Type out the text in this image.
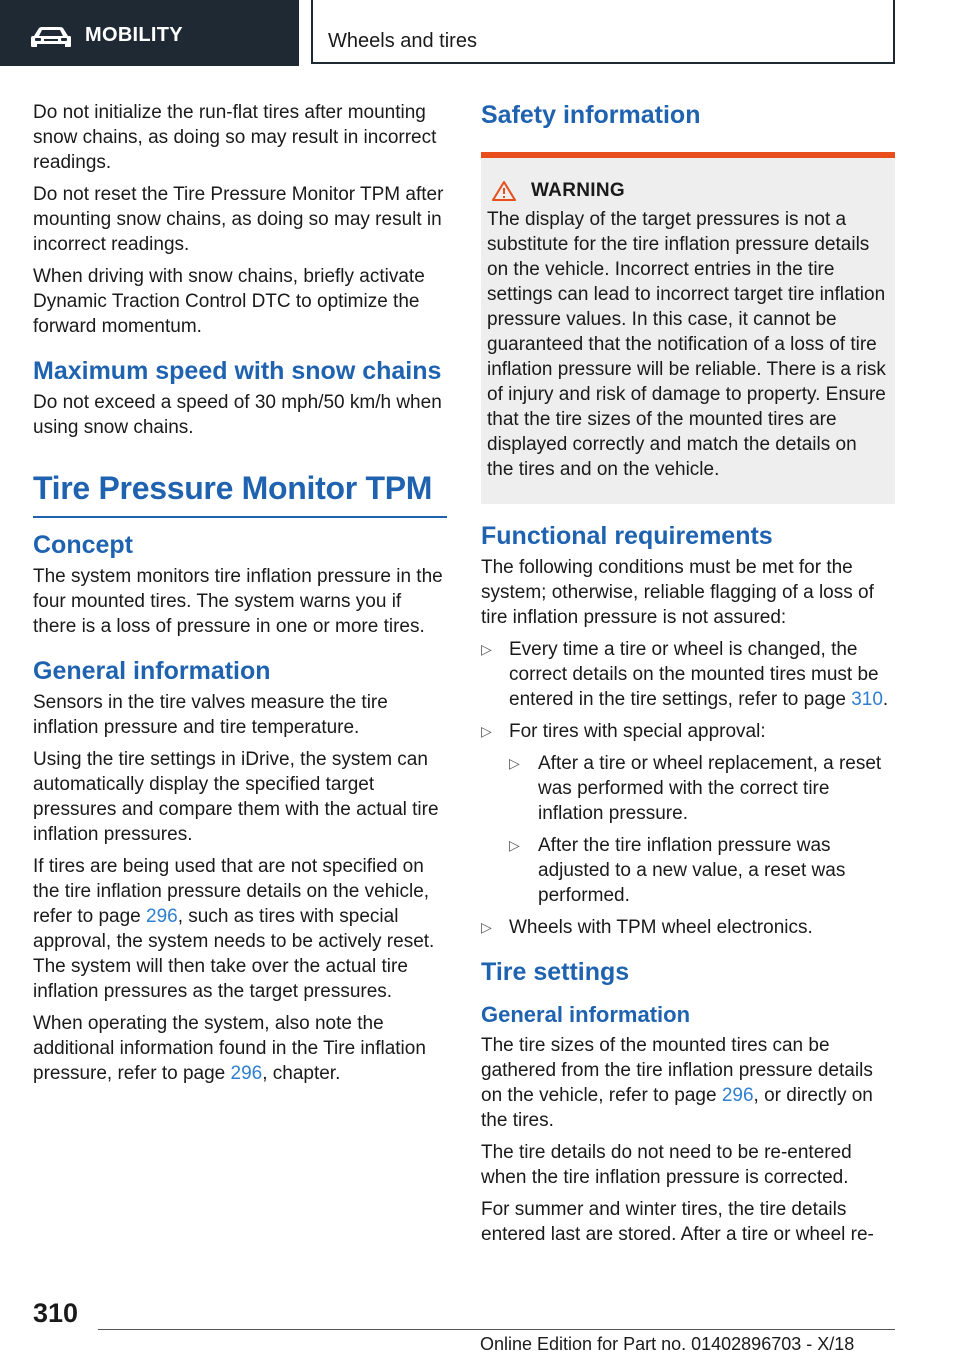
MOBILITY	Wheels and tires

Do not initialize the run-flat tires after mounting snow chains, as doing so may result in incorrect readings.

Do not reset the Tire Pressure Monitor TPM after mounting snow chains, as doing so may result in incorrect readings.

When driving with snow chains, briefly activate Dynamic Traction Control DTC to optimize the forward momentum.

Maximum speed with snow chains

Do not exceed a speed of 30 mph/50 km/h when using snow chains.

Tire Pressure Monitor TPM
Concept

The system monitors tire inflation pressure in the four mounted tires. The system warns you if there is a loss of pressure in one or more tires.

General information

Sensors in the tire valves measure the tire inflation pressure and tire temperature.

Using the tire settings in iDrive, the system can automatically display the specified target pressures and compare them with the actual tire inflation pressures.

If tires are being used that are not specified on the tire inflation pressure details on the vehicle, refer to page 296, such as tires with special approval, the system needs to be actively reset. The system will then take over the actual tire inflation pressures as the target pressures.

When operating the system, also note the additional information found in the Tire inflation pressure, refer to page 296, chapter.

Safety information
WARNING
The display of the target pressures is not a substitute for the tire inflation pressure details on the vehicle. Incorrect entries in the tire settings can lead to incorrect target tire inflation pressure values. In this case, it cannot be guaranteed that the notification of a loss of tire inflation pressure will be reliable. There is a risk of injury and risk of damage to property. Ensure that the tire sizes of the mounted tires are displayed correctly and match the details on the tires and on the vehicle.
Functional requirements

The following conditions must be met for the system; otherwise, reliable flagging of a loss of tire inflation pressure is not assured:

▷ Every time a tire or wheel is changed, the correct details on the mounted tires must be entered in the tire settings, refer to page 310.
▷ For tires with special approval:
▷ After a tire or wheel replacement, a reset was performed with the correct tire inflation pressure.
▷ After the tire inflation pressure was adjusted to a new value, a reset was performed.
▷ Wheels with TPM wheel electronics.
Tire settings
General information

The tire sizes of the mounted tires can be gathered from the tire inflation pressure details on the vehicle, refer to page 296, or directly on the tires.

The tire details do not need to be re-entered when the tire inflation pressure is corrected.

For summer and winter tires, the tire details entered last are stored. After a tire or wheel re-

310
Online Edition for Part no. 01402896703 - X/18
